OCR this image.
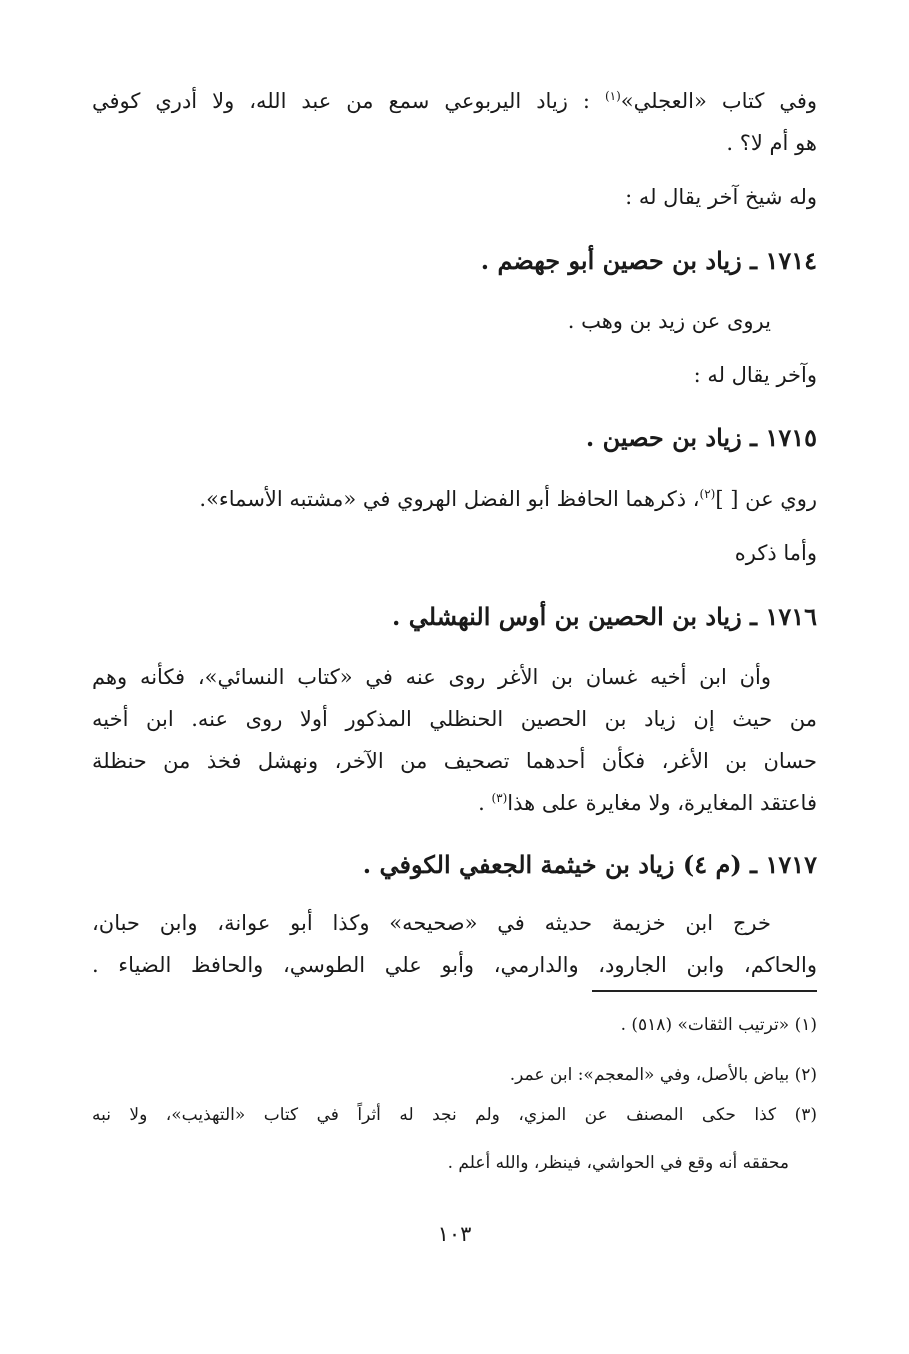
وفي كتاب «العجلي»$^{(١)}$ : زياد اليربوعي سمع من عبد الله، ولا أدري كوفي
هو أم لا؟ .
وله شيخ آخر يقال له :
١٧١٤ ـ زياد بن حصين أبو جهضم .
يروى عن زيد بن وهب .
وآخر يقال له :
١٧١٥ ـ زياد بن حصين .
روي عن [ ]$^{(٢)}$، ذكرهما الحافظ أبو الفضل الهروي في «مشتبه الأسماء».
وأما ذكره
١٧١٦ ـ زياد بن الحصين بن أوس النهشلي .
وأن ابن أخيه غسان بن الأغر روى عنه في «كتاب النسائي»، فكأنه وهم
من حيث إن زياد بن الحصين الحنظلي المذكور أولا روى عنه. ابن أخيه
حسان بن الأغر، فكأن أحدهما تصحيف من الآخر، ونهشل فخذ من حنظلة
فاعتقد المغايرة، ولا مغايرة على هذا$^{(٣)}$ .
١٧١٧ ـ (م ٤) زياد بن خيثمة الجعفي الكوفي .
خرج ابن خزيمة حديثه في «صحيحه» وكذا أبو عوانة، وابن حبان،
والحاكم، وابن الجارود، والدارمي، وأبو علي الطوسي، والحافظ الضياء .
(١) «ترتيب الثقات» (٥١٨) .
(٢) بياض بالأصل، وفي «المعجم»: ابن عمر.
(٣) كذا حكى المصنف عن المزي، ولم نجد له أثراً في كتاب «التهذيب»، ولا نبه
محققه أنه وقع في الحواشي، فينظر، والله أعلم .
١٠٣
